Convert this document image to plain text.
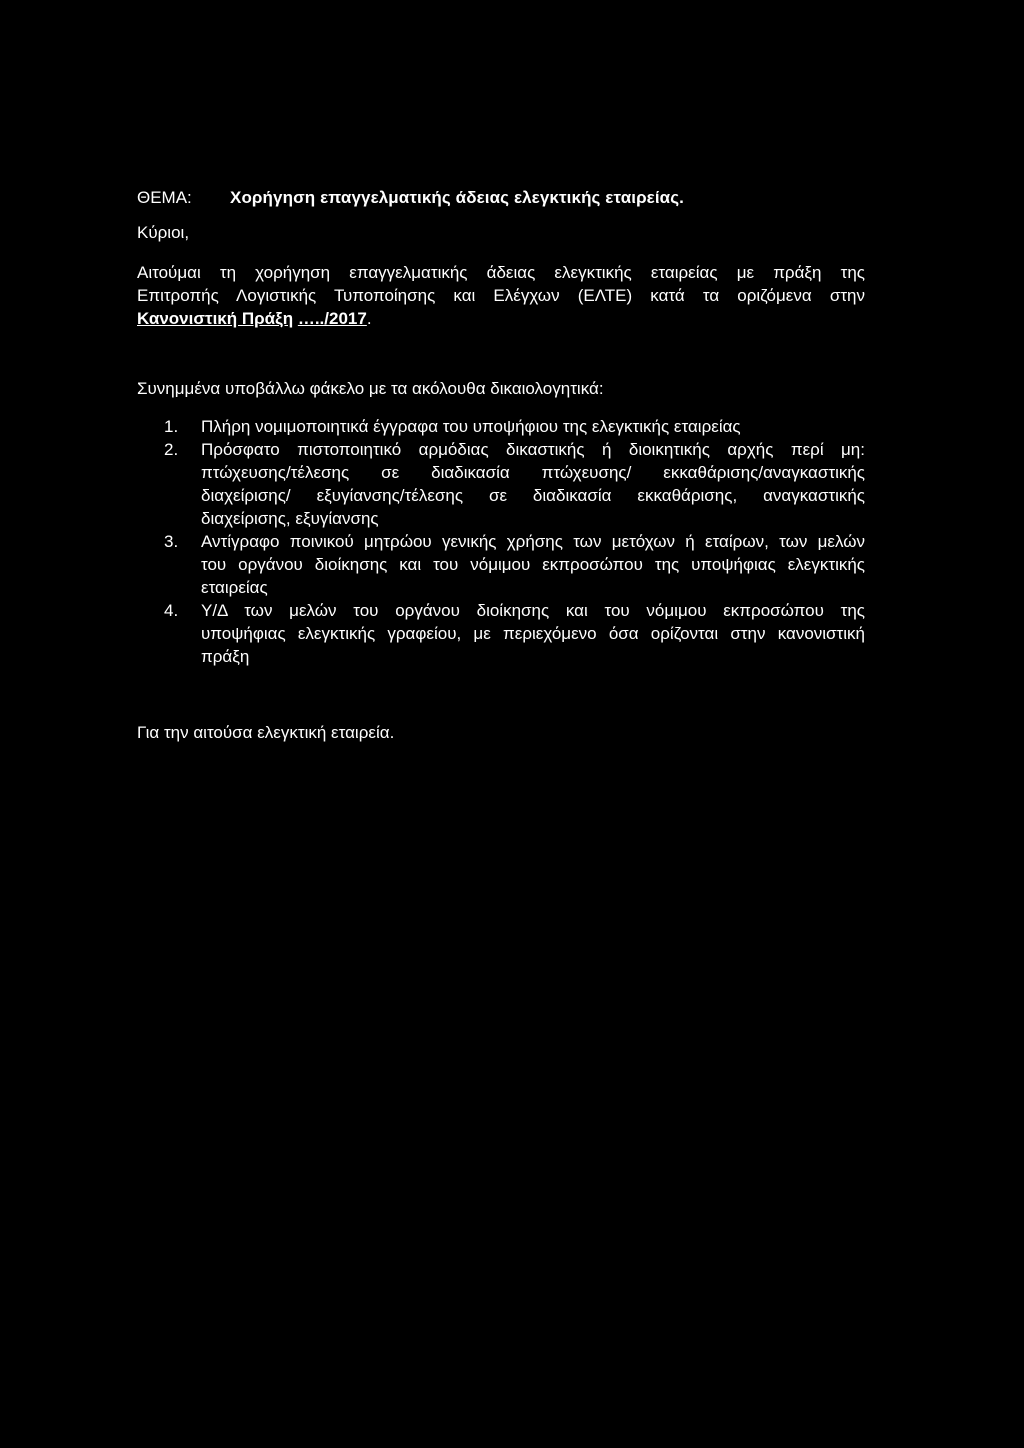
ΘΕΜΑ: Χορήγηση επαγγελματικής άδειας ελεγκτικής εταιρείας.
Κύριοι,
Αιτούμαι τη χορήγηση επαγγελματικής άδειας ελεγκτικής εταιρείας με πράξη της
Επιτροπής Λογιστικής Τυποποίησης και Ελέγχων (ΕΛΤΕ) κατά τα οριζόμενα στην
Κανονιστική Πράξη …../2017.
Συνημμένα υποβάλλω φάκελο με τα ακόλουθα δικαιολογητικά:
1. Πλήρη νομιμοποιητικά έγγραφα του υποψήφιου της ελεγκτικής εταιρείας
2. Πρόσφατο πιστοποιητικό αρμόδιας δικαστικής ή διοικητικής αρχής περί μη:
πτώχευσης/τέλεσης σε διαδικασία πτώχευσης/ εκκαθάρισης/αναγκαστικής
διαχείρισης/ εξυγίανσης/τέλεσης σε διαδικασία εκκαθάρισης, αναγκαστικής
διαχείρισης, εξυγίανσης
3. Αντίγραφο ποινικού μητρώου γενικής χρήσης των μετόχων ή εταίρων, των μελών
του οργάνου διοίκησης και του νόμιμου εκπροσώπου της υποψήφιας ελεγκτικής
εταιρείας
4. Υ/Δ των μελών του οργάνου διοίκησης και του νόμιμου εκπροσώπου της
υποψήφιας ελεγκτικής γραφείου, με περιεχόμενο όσα ορίζονται στην κανονιστική
πράξη
Για την αιτούσα ελεγκτική εταιρεία.
